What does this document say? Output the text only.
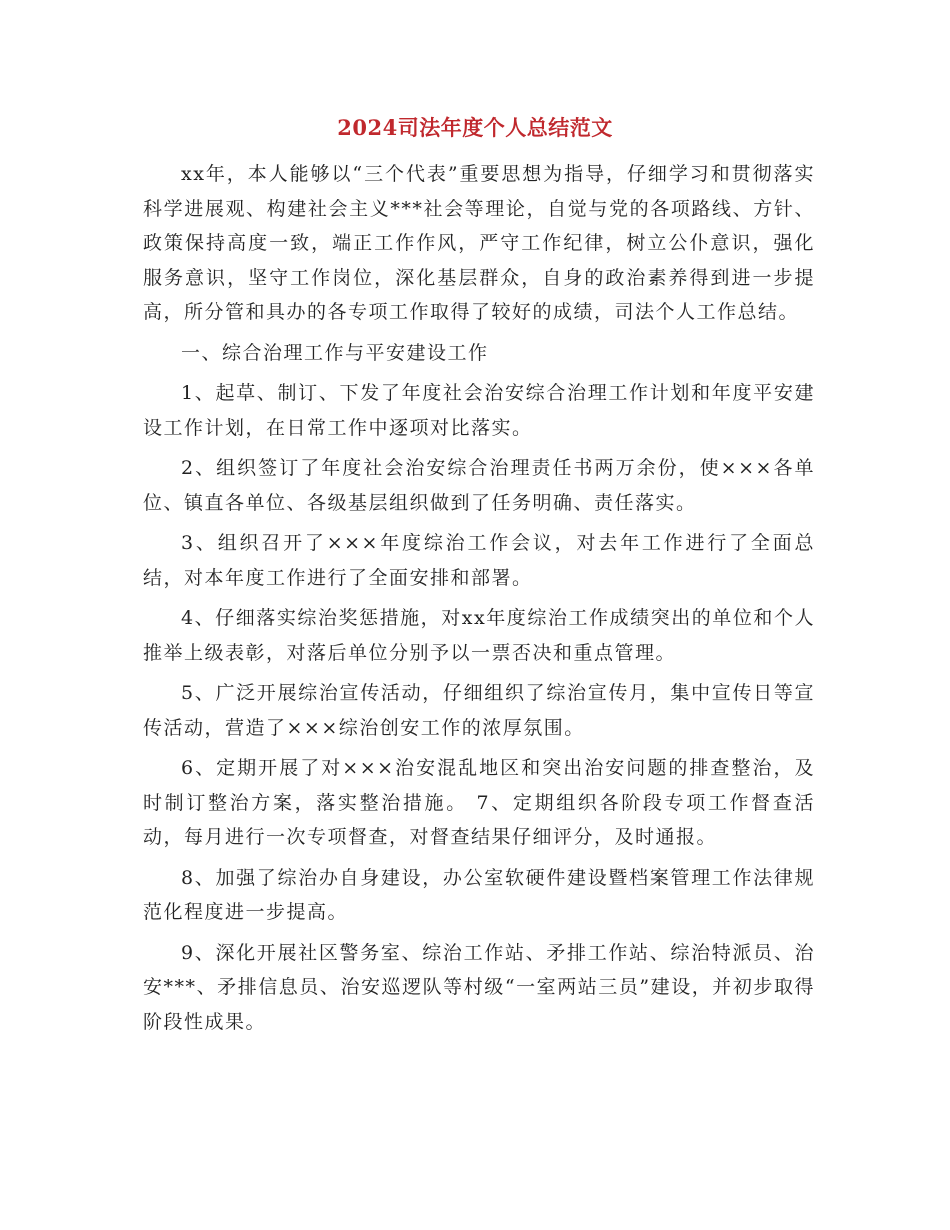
2024司法年度个人总结范文

xx年，本人能够以“三个代表”重要思想为指导，仔细学习和贯彻落实科学进展观、构建社会主义***社会等理论，自觉与党的各项路线、方针、政策保持高度一致，端正工作作风，严守工作纪律，树立公仆意识，强化服务意识，坚守工作岗位，深化基层群众，自身的政治素养得到进一步提高，所分管和具办的各专项工作取得了较好的成绩，司法个人工作总结。

一、综合治理工作与平安建设工作

1、起草、制订、下发了年度社会治安综合治理工作计划和年度平安建设工作计划，在日常工作中逐项对比落实。

2、组织签订了年度社会治安综合治理责任书两万余份，使×××各单位、镇直各单位、各级基层组织做到了任务明确、责任落实。

3、组织召开了×××年度综治工作会议，对去年工作进行了全面总结，对本年度工作进行了全面安排和部署。

4、仔细落实综治奖惩措施，对xx年度综治工作成绩突出的单位和个人推举上级表彰，对落后单位分别予以一票否决和重点管理。

5、广泛开展综治宣传活动，仔细组织了综治宣传月，集中宣传日等宣传活动，营造了×××综治创安工作的浓厚氛围。

6、定期开展了对×××治安混乱地区和突出治安问题的排查整治，及时制订整治方案，落实整治措施。 7、定期组织各阶段专项工作督查活动，每月进行一次专项督查，对督查结果仔细评分，及时通报。

8、加强了综治办自身建设，办公室软硬件建设暨档案管理工作法律规范化程度进一步提高。

9、深化开展社区警务室、综治工作站、矛排工作站、综治特派员、治安***、矛排信息员、治安巡逻队等村级“一室两站三员”建设，并初步取得阶段性成果。
